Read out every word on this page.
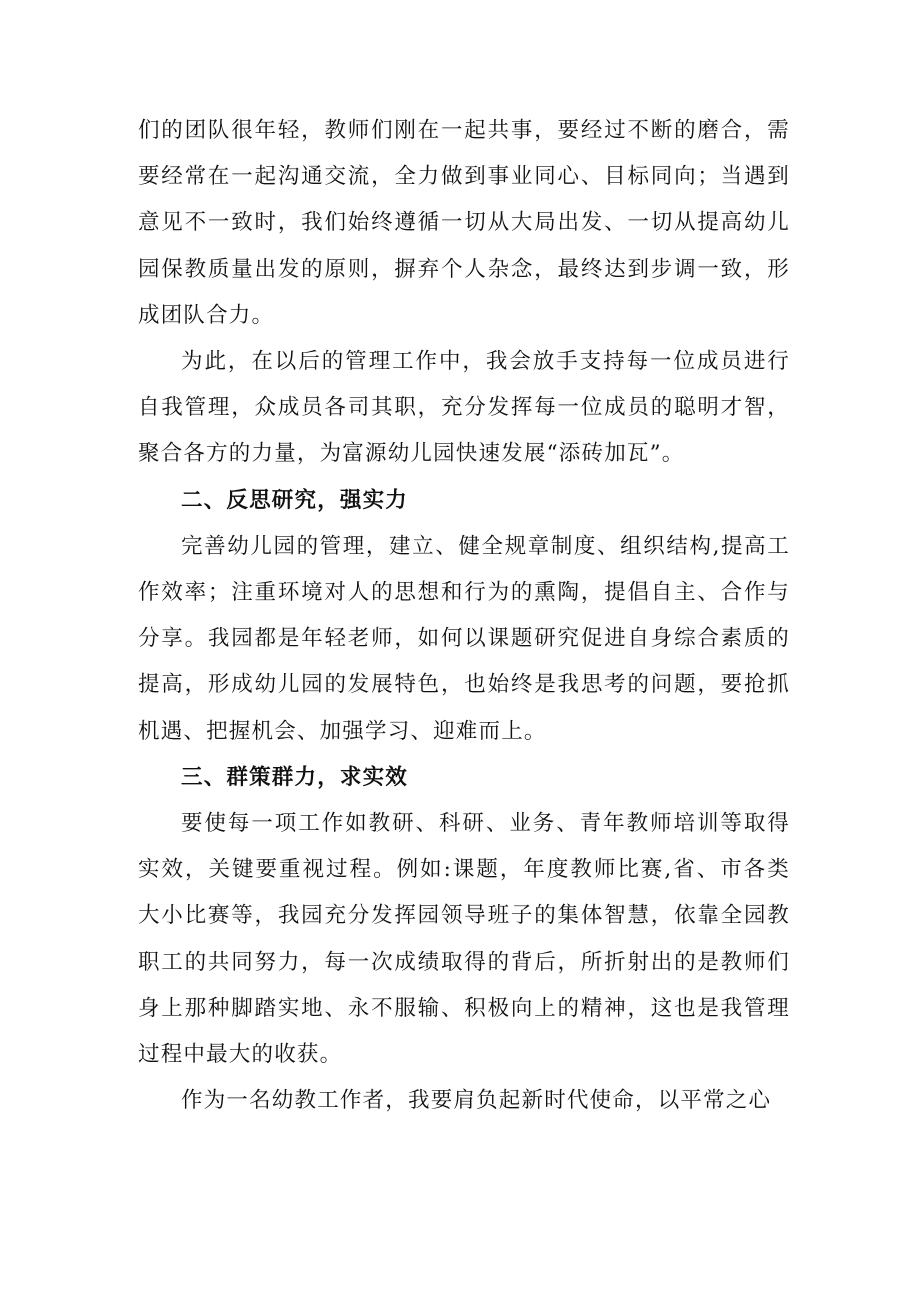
们的团队很年轻，教师们刚在一起共事，要经过不断的磨合，需要经常在一起沟通交流，全力做到事业同心、目标同向；当遇到意见不一致时，我们始终遵循一切从大局出发、一切从提高幼儿园保教质量出发的原则，摒弃个人杂念，最终达到步调一致，形成团队合力。

为此，在以后的管理工作中，我会放手支持每一位成员进行自我管理，众成员各司其职，充分发挥每一位成员的聪明才智，聚合各方的力量，为富源幼儿园快速发展“添砖加瓦”。

二、反思研究，强实力

完善幼儿园的管理，建立、健全规章制度、组织结构,提高工作效率；注重环境对人的思想和行为的熏陶，提倡自主、合作与分享。我园都是年轻老师，如何以课题研究促进自身综合素质的提高，形成幼儿园的发展特色，也始终是我思考的问题，要抢抓机遇、把握机会、加强学习、迎难而上。

三、群策群力，求实效

要使每一项工作如教研、科研、业务、青年教师培训等取得实效，关键要重视过程。例如:课题，年度教师比赛,省、市各类大小比赛等，我园充分发挥园领导班子的集体智慧，依靠全园教职工的共同努力，每一次成绩取得的背后，所折射出的是教师们身上那种脚踏实地、永不服输、积极向上的精神，这也是我管理过程中最大的收获。

作为一名幼教工作者，我要肩负起新时代使命，以平常之心
